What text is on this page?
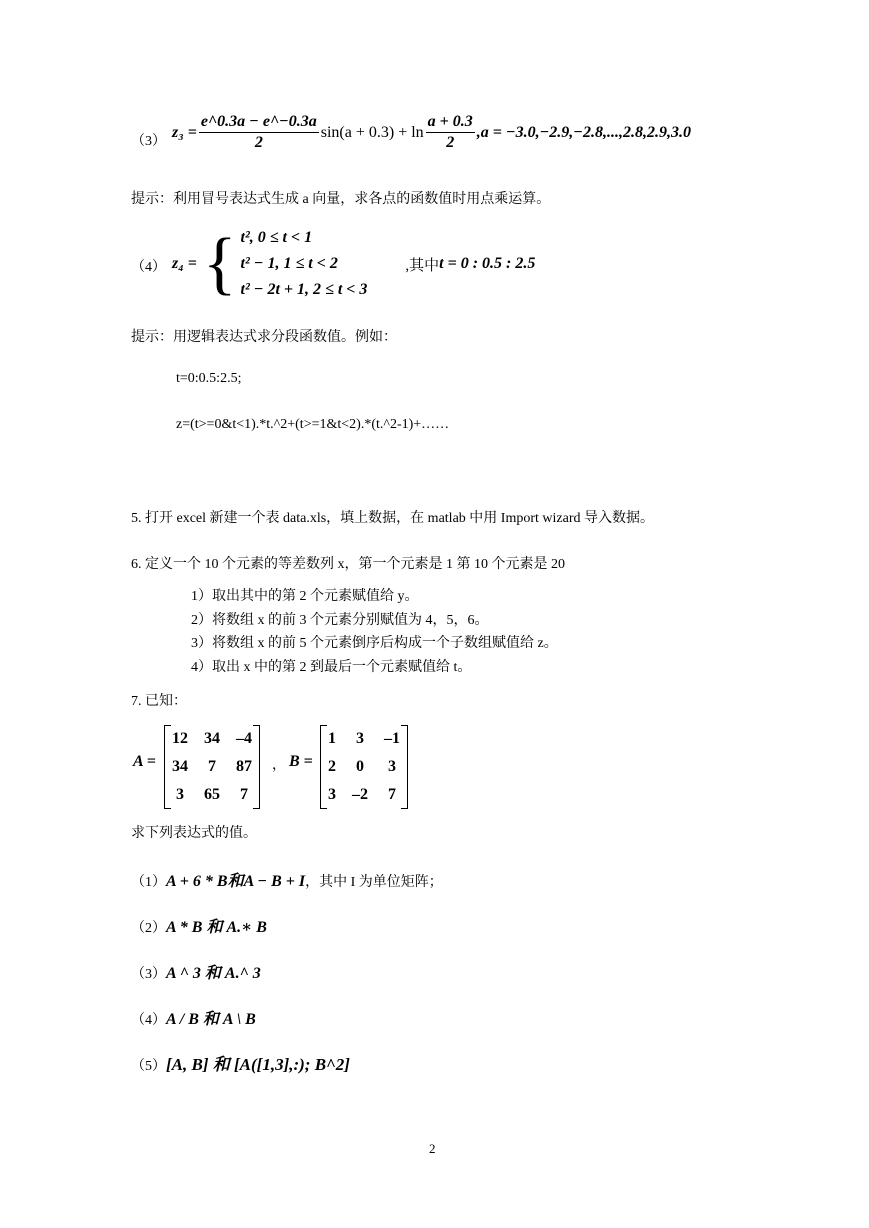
（3）
$z_3 = \frac{e\^{}0.3a - e\^{}-0.3a}{2} \sin(a + 0.3) + \ln \frac{a + 0.3}{2} ,a = -3.0,-2.9,-2.8,...,2.8,2.9,3.0$
提示：利用冒号表达式生成 a 向量，求各点的函数值时用点乘运算。
（4） z₄ = { t², 0 ≤ t < 1
t² − 1, 1 ≤ t < 2
t² − 2t + 1, 2 ≤ t < 3
,其中 t = 0 : 0.5 : 2.5
提示：用逻辑表达式求分段函数值。例如：
t=0:0.5:2.5;
z=(t>=0&t<1).*t.^2+(t>=1&t<2).*(t.^2-1)+……
5. 打开 excel 新建一个表 data.xls，填上数据，在 matlab 中用 Import wizard 导入数据。
6. 定义一个 10 个元素的等差数列 x，第一个元素是 1 第 10 个元素是 20
1）取出其中的第 2 个元素赋值给 y。
2）将数组 x 的前 3 个元素分别赋值为 4，5，6。
3）将数组 x 的前 5 个元素倒序后构成一个子数组赋值给 z。
4）取出 x 中的第 2 到最后一个元素赋值给 t。
7. 已知：
A =
12	34	–4
34	7	87
3	65	7
， B =
1	3	–1
2	0	3
3	–2	7
求下列表达式的值。
（1） A + 6 * B和A − B + I ，其中 I 为单位矩阵；
（2） A * B 和 A.∗ B
（3） A ^ 3 和 A.^ 3
（4） A / B 和 A \ B
（5） [A, B] 和 [A([1,3],:); B^2]
2
